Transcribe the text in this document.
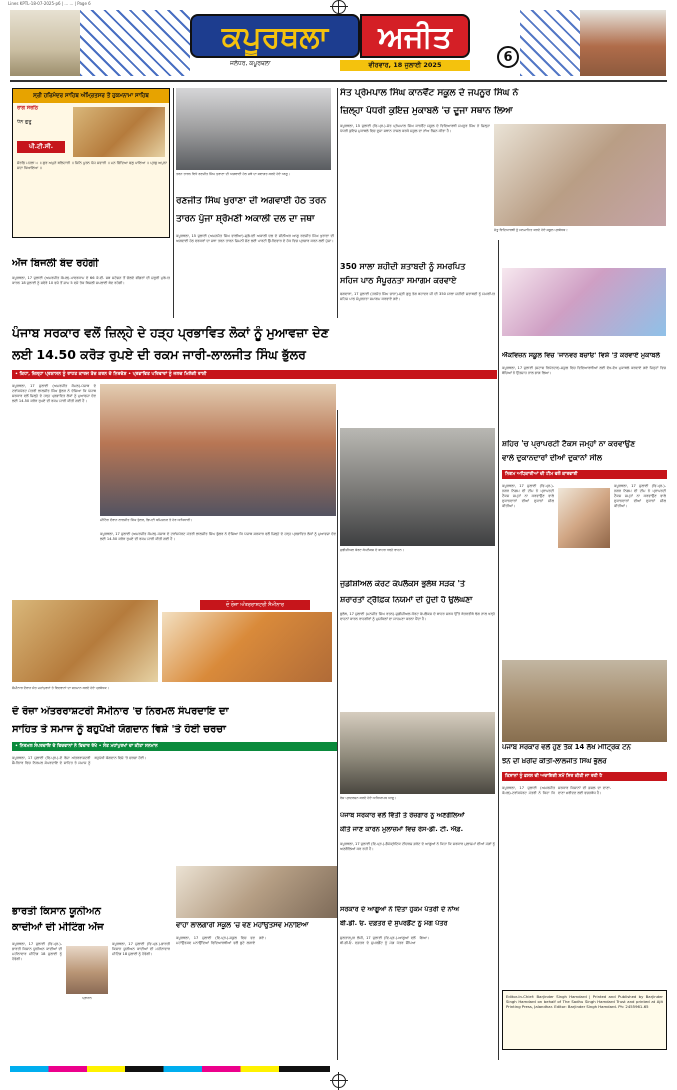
Lines KPTL-18-07-2025-p6 | ... ... | Page 6
ਕਪੂਰਥਲਾ	ਅਜੀਤ
ਜਲੰਧਰ, ਕਪੂਰਥਲਾ	ਵੀਰਵਾਰ, 18 ਜੁਲਾਈ 2025	6
ਸ੍ਰੀ ਹਰਿਮੰਦਰ ਸਾਹਿਬ ਅੰਮ੍ਰਿਤਸਰ ਤੋਂ ਹੁਕਮਨਾਮਾ ਸਾਹਿਬ
ਰਾਗ ਸੋਰਠਿ
ਧੰਨ ਗੁਰੂ
ਪੀ.ਟੀ.ਸੀ.
ਸੋਰਠਿ ਮਹਲਾ ੫ ॥ ਗੁਰ ਅਪੁਨੇ ਬਲਿਹਾਰੀ ॥ ਜਿਨਿ ਪੂਰਨ ਪੈਜ ਸਵਾਰੀ ॥ ਮਨ ਚਿੰਦਿਆ ਫਲੁ ਪਾਇਆ ॥ ਪ੍ਰਭੁ ਅਪੁਨਾ ਸਦਾ ਧਿਆਇਆ ॥
ਅੱਜ ਬਿਜਲੀ ਬੰਦ ਰਹੇਗੀ
ਕਪੂਰਥਲਾ, 17 ਜੁਲਾਈ (ਅਮਰਜੀਤ ਕੋਮਲ)-ਪਾਵਰਕਾਮ ਦੇ 66 ਕੇ.ਵੀ. ਸਬ ਸਟੇਸ਼ਨ ਤੋਂ ਚੱਲਦੇ ਫੀਡਰਾਂ ਦੀ ਜ਼ਰੂਰੀ ਮੁਰੰਮਤ ਕਾਰਨ 18 ਜੁਲਾਈ ਨੂੰ ਸਵੇਰੇ 10 ਵਜੇ ਤੋਂ ਸ਼ਾਮ 5 ਵਜੇ ਤੱਕ ਬਿਜਲੀ ਸਪਲਾਈ ਬੰਦ ਰਹੇਗੀ।
ਤਰਨ ਤਾਰਨ ਵਿਖੇ ਰਣਜੀਤ ਸਿੰਘ ਖੁਰਾਣਾ ਦੀ ਅਗਵਾਈ ਹੇਠ ਜਥੇ ਦਾ ਸਵਾਗਤ ਕਰਦੇ ਹੋਏ ਆਗੂ।
ਰਣਜੀਤ ਸਿੰਘ ਖੁਰਾਣਾ ਦੀ ਅਗਵਾਈ ਹੇਠ ਤਰਨ
ਤਾਰਨ ਪੁੱਜਾ ਸ਼੍ਰੋਮਣੀ ਅਕਾਲੀ ਦਲ ਦਾ ਜਥਾ
ਕਪੂਰਥਲਾ, 15 ਜੁਲਾਈ (ਅਮਨਜੋਤ ਸਿੰਘ ਵਾਲੀਆ)-ਸ਼੍ਰੋਮਣੀ ਅਕਾਲੀ ਦਲ ਦੇ ਸੀਨੀਅਰ ਆਗੂ ਰਣਜੀਤ ਸਿੰਘ ਖੁਰਾਣਾ ਦੀ ਅਗਵਾਈ ਹੇਠ ਵਰਕਰਾਂ ਦਾ ਜਥਾ ਤਰਨ ਤਾਰਨ ਜ਼ਿਮਨੀ ਚੋਣ ਲਈ ਪਾਰਟੀ ਉਮੀਦਵਾਰ ਦੇ ਹੱਕ ਵਿਚ ਪ੍ਰਚਾਰ ਕਰਨ ਲਈ ਪੁੱਜਾ।
ਸੰਤ ਪ੍ਰੇਮਪਾਲ ਸਿੰਘ ਕਾਨਵੈਂਟ ਸਕੂਲ ਦੇ ਜਪਨੂਰ ਸਿੰਘ ਨੇ
ਜ਼ਿਲ੍ਹਾ ਪੱਧਰੀ ਕੁਇਜ਼ ਮੁਕਾਬਲੇ 'ਚ ਦੂਜਾ ਸਥਾਨ ਲਿਆ
ਕਪੂਰਥਲਾ, 15 ਜੁਲਾਈ (ਵਿ.ਪ੍ਰ.)-ਸੰਤ ਪ੍ਰੇਮਪਾਲ ਸਿੰਘ ਕਾਨਵੈਂਟ ਸਕੂਲ ਦੇ ਵਿਦਿਆਰਥੀ ਜਪਨੂਰ ਸਿੰਘ ਨੇ ਜ਼ਿਲ੍ਹਾ ਪੱਧਰੀ ਕੁਇਜ਼ ਮੁਕਾਬਲੇ ਵਿਚ ਦੂਜਾ ਸਥਾਨ ਹਾਸਲ ਕਰਕੇ ਸਕੂਲ ਦਾ ਨਾਂਅ ਰੌਸ਼ਨ ਕੀਤਾ ਹੈ।
ਜੇਤੂ ਵਿਦਿਆਰਥੀ ਨੂੰ ਸਨਮਾਨਿਤ ਕਰਦੇ ਹੋਏ ਸਕੂਲ ਪ੍ਰਬੰਧਕ।
350 ਸਾਲਾ ਸ਼ਹੀਦੀ ਸ਼ਤਾਬਦੀ ਨੂੰ ਸਮਰਪਿਤ
ਸਹਿਜ ਪਾਠ ਸੰਪੂਰਨਤਾ ਸਮਾਗਮ ਕਰਵਾਏ
ਫਗਵਾੜਾ, 17 ਜੁਲਾਈ (ਹਰਜੋਤ ਸਿੰਘ ਚਾਨਾ)-ਸ੍ਰੀ ਗੁਰੂ ਤੇਗ ਬਹਾਦਰ ਜੀ ਦੀ 350 ਸਾਲਾ ਸ਼ਹੀਦੀ ਸ਼ਤਾਬਦੀ ਨੂੰ ਸਮਰਪਿਤ ਸਹਿਜ ਪਾਠ ਸੰਪੂਰਨਤਾ ਸਮਾਗਮ ਕਰਵਾਏ ਗਏ।
ਐੱਕਵਿਜ਼ਨ ਸਕੂਲ ਵਿਚ 'ਜਾਨਵਰ ਬਚਾਓ' ਵਿਸ਼ੇ 'ਤੇ ਕਰਵਾਏ ਮੁਕਾਬਲੇ
ਕਪੂਰਥਲਾ, 17 ਜੁਲਾਈ (ਸਟਾਫ ਰਿਪੋਰਟਰ)-ਸਕੂਲ ਵਿਚ ਵਿਦਿਆਰਥੀਆਂ ਲਈ ਵੱਖ-ਵੱਖ ਮੁਕਾਬਲੇ ਕਰਵਾਏ ਗਏ ਜਿਨ੍ਹਾਂ ਵਿਚ ਬੱਚਿਆਂ ਨੇ ਉਤਸ਼ਾਹ ਨਾਲ ਭਾਗ ਲਿਆ।
ਪੰਜਾਬ ਸਰਕਾਰ ਵਲੋਂ ਜ਼ਿਲ੍ਹੇ ਦੇ ਹੜ੍ਹ ਪ੍ਰਭਾਵਿਤ ਲੋਕਾਂ ਨੂੰ ਮੁਆਵਜ਼ਾ ਦੇਣ
ਲਈ 14.50 ਕਰੋੜ ਰੁਪਏ ਦੀ ਰਕਮ ਜਾਰੀ-ਲਾਲਜੀਤ ਸਿੰਘ ਭੁੱਲਰ
• ਕਿਹਾ, ਜ਼ਿਲ੍ਹਾ ਪ੍ਰਸ਼ਾਸਨ ਨੂੰ ਰਾਹਤ ਕਾਰਜ ਤੇਜ਼ ਕਰਨ ਦੇ ਨਿਰਦੇਸ਼ • ਪ੍ਰਭਾਵਿਤ ਪਰਿਵਾਰਾਂ ਨੂੰ ਜਲਦ ਮਿਲੇਗੀ ਰਾਸ਼ੀ
ਕਪੂਰਥਲਾ, 17 ਜੁਲਾਈ (ਅਮਰਜੀਤ ਕੋਮਲ)-ਪੰਜਾਬ ਦੇ ਟਰਾਂਸਪੋਰਟ ਮੰਤਰੀ ਲਾਲਜੀਤ ਸਿੰਘ ਭੁੱਲਰ ਨੇ ਦੱਸਿਆ ਕਿ ਪੰਜਾਬ ਸਰਕਾਰ ਵਲੋਂ ਜ਼ਿਲ੍ਹੇ ਦੇ ਹੜ੍ਹ ਪ੍ਰਭਾਵਿਤ ਲੋਕਾਂ ਨੂੰ ਮੁਆਵਜ਼ਾ ਦੇਣ ਲਈ 14.50 ਕਰੋੜ ਰੁਪਏ ਦੀ ਰਕਮ ਜਾਰੀ ਕੀਤੀ ਗਈ ਹੈ।
ਮੀਟਿੰਗ ਦੌਰਾਨ ਲਾਲਜੀਤ ਸਿੰਘ ਭੁੱਲਰ, ਡਿਪਟੀ ਕਮਿਸ਼ਨਰ ਤੇ ਹੋਰ ਅਧਿਕਾਰੀ।
ਕਪੂਰਥਲਾ, 17 ਜੁਲਾਈ (ਅਮਰਜੀਤ ਕੋਮਲ)-ਪੰਜਾਬ ਦੇ ਟਰਾਂਸਪੋਰਟ ਮੰਤਰੀ ਲਾਲਜੀਤ ਸਿੰਘ ਭੁੱਲਰ ਨੇ ਦੱਸਿਆ ਕਿ ਪੰਜਾਬ ਸਰਕਾਰ ਵਲੋਂ ਜ਼ਿਲ੍ਹੇ ਦੇ ਹੜ੍ਹ ਪ੍ਰਭਾਵਿਤ ਲੋਕਾਂ ਨੂੰ ਮੁਆਵਜ਼ਾ ਦੇਣ ਲਈ 14.50 ਕਰੋੜ ਰੁਪਏ ਦੀ ਰਕਮ ਜਾਰੀ ਕੀਤੀ ਗਈ ਹੈ।
ਸ਼ਹਿਰ 'ਚ ਪ੍ਰਾਪਰਟੀ ਟੈਕਸ ਜਮ੍ਹਾਂ ਨਾ ਕਰਵਾਉਣ
ਵਾਲੇ ਦੁਕਾਨਦਾਰਾਂ ਦੀਆਂ ਦੁਕਾਨਾਂ ਸੀਲ
ਨਿਗਮ ਅਧਿਕਾਰੀਆਂ ਦੀ ਟੀਮ ਵਲੋਂ ਕਾਰਵਾਈ
ਕਪੂਰਥਲਾ, 17 ਜੁਲਾਈ (ਵਿ.ਪ੍ਰ.)-ਨਗਰ ਨਿਗਮ ਦੀ ਟੀਮ ਨੇ ਪ੍ਰਾਪਰਟੀ ਟੈਕਸ ਜਮ੍ਹਾਂ ਨਾ ਕਰਵਾਉਣ ਵਾਲੇ ਦੁਕਾਨਦਾਰਾਂ ਦੀਆਂ ਦੁਕਾਨਾਂ ਸੀਲ ਕੀਤੀਆਂ।
ਕਪੂਰਥਲਾ, 17 ਜੁਲਾਈ (ਵਿ.ਪ੍ਰ.)-ਨਗਰ ਨਿਗਮ ਦੀ ਟੀਮ ਨੇ ਪ੍ਰਾਪਰਟੀ ਟੈਕਸ ਜਮ੍ਹਾਂ ਨਾ ਕਰਵਾਉਣ ਵਾਲੇ ਦੁਕਾਨਦਾਰਾਂ ਦੀਆਂ ਦੁਕਾਨਾਂ ਸੀਲ ਕੀਤੀਆਂ।
ਜੁਡੀਸ਼ੀਅਲ ਕੋਰਟ ਕੰਪਲੈਕਸ ਦੇ ਬਾਹਰ ਖੜ੍ਹੇ ਵਾਹਨ।
ਜੁਡੀਸ਼ੀਅਲ ਕੋਰਟ ਕੰਪਲੈਕਸ ਭੁਲੱਥ ਸੜਕ 'ਤੇ
ਸ਼ਰਾਰਤਾਂ ਟ੍ਰੈਫ਼ਿਕ ਨਿਯਮਾਂ ਦੀ ਹੁੰਦੀ ਹੈ ਉਲੰਘਣਾ
ਭੁਲੱਥ, 17 ਜੁਲਾਈ (ਮਨਜੀਤ ਸਿੰਘ ਰਤਨ)-ਜੁਡੀਸ਼ੀਅਲ ਕੋਰਟ ਕੰਪਲੈਕਸ ਦੇ ਬਾਹਰ ਸੜਕ ਉੱਤੇ ਬੇਤਰਤੀਬੇ ਢੰਗ ਨਾਲ ਖੜ੍ਹੇ ਵਾਹਨਾਂ ਕਾਰਨ ਰਾਹਗੀਰਾਂ ਨੂੰ ਮੁਸ਼ਕਿਲਾਂ ਦਾ ਸਾਹਮਣਾ ਕਰਨਾ ਪੈਂਦਾ ਹੈ।
ਦੋ ਰੋਜ਼ਾ ਅੰਤਰਰਾਸ਼ਟਰੀ ਸੈਮੀਨਾਰ
ਸੈਮੀਨਾਰ ਦੌਰਾਨ ਸੰਤ ਮਹਾਂਪੁਰਖਾਂ ਤੇ ਵਿਦਵਾਨਾਂ ਦਾ ਸਨਮਾਨ ਕਰਦੇ ਹੋਏ ਪ੍ਰਬੰਧਕ।
ਦੋ ਰੋਜ਼ਾ ਅੰਤਰਰਾਸ਼ਟਰੀ ਸੈਮੀਨਾਰ 'ਚ ਨਿਰਮਲ ਸੰਪਰਦਾਇ ਦਾ
ਸਾਹਿਤ ਤੇ ਸਮਾਜ ਨੂੰ ਬਹੁਪੱਖੀ ਯੋਗਦਾਨ ਵਿਸ਼ੇ 'ਤੇ ਹੋਈ ਚਰਚਾ
• ਨਿਰਮਲ ਸੰਪਰਦਾਇ ਦੇ ਵਿਦਵਾਨਾਂ ਨੇ ਵਿਚਾਰ ਰੱਖੇ • ਸੰਤ ਮਹਾਂਪੁਰਖਾਂ ਦਾ ਕੀਤਾ ਸਨਮਾਨ
ਕਪੂਰਥਲਾ, 17 ਜੁਲਾਈ (ਵਿ.ਪ੍ਰ.)-ਦੋ ਰੋਜ਼ਾ ਅੰਤਰਰਾਸ਼ਟਰੀ ਸੈਮੀਨਾਰ ਵਿਚ ਨਿਰਮਲ ਸੰਪਰਦਾਇ ਦੇ ਸਾਹਿਤ ਤੇ ਸਮਾਜ ਨੂੰ ਬਹੁਪੱਖੀ ਯੋਗਦਾਨ ਵਿਸ਼ੇ 'ਤੇ ਚਰਚਾ ਹੋਈ।
ਪੰਜਾਬ ਸਰਕਾਰ ਵਲੋਂ ਹੁਣ ਤੱਕ 14 ਲੱਖ ਮੀਟ੍ਰਿਕ ਟਨ
ਝੋਨੇ ਦੀ ਖ਼ਰੀਦ ਕੀਤੀ-ਲਾਲਜੀਤ ਸਿੰਘ ਭੁੱਲਰ
ਕਿਸਾਨਾਂ ਨੂੰ ਫ਼ਸਲ ਦੀ ਅਦਾਇਗੀ ਸਮੇਂ ਸਿਰ ਕੀਤੀ ਜਾ ਰਹੀ ਹੈ
ਕਪੂਰਥਲਾ, 17 ਜੁਲਾਈ (ਅਮਰਜੀਤ ਕੋਮਲ)-ਟਰਾਂਸਪੋਰਟ ਮੰਤਰੀ ਨੇ ਕਿਹਾ ਕਿ ਸਰਕਾਰ ਕਿਸਾਨਾਂ ਦੀ ਫ਼ਸਲ ਦਾ ਦਾਣਾ-ਦਾਣਾ ਖ਼ਰੀਦਣ ਲਈ ਵਚਨਬੱਧ ਹੈ।
ਰੋਸ ਪ੍ਰਦਰਸ਼ਨ ਕਰਦੇ ਹੋਏ ਅਧਿਆਪਕ ਆਗੂ।
ਪੰਜਾਬ ਸਰਕਾਰ ਵਲੋਂ ਵਿੱਤੀ ਤੇ ਰੋਜ਼ਗਾਰ ਨੂੰ ਅਣਗੌਲਿਆਂ
ਕੀਤੇ ਜਾਣ ਕਾਰਨ ਮੁਲਾਜ਼ਮਾਂ ਵਿਚ ਰੋਸ-ਡੀ. ਟੀ. ਐਫ਼.
ਕਪੂਰਥਲਾ, 17 ਜੁਲਾਈ (ਵਿ.ਪ੍ਰ.)-ਡੈਮੋਕ੍ਰੇਟਿਕ ਟੀਚਰਜ਼ ਫ਼ਰੰਟ ਦੇ ਆਗੂਆਂ ਨੇ ਕਿਹਾ ਕਿ ਸਰਕਾਰ ਮੁਲਾਜ਼ਮਾਂ ਦੀਆਂ ਮੰਗਾਂ ਨੂੰ ਅਣਗੌਲਿਆਂ ਕਰ ਰਹੀ ਹੈ।
ਸਰਕਾਰ ਦੇ ਆਗੂਆਂ ਨੇ ਦਿੱਤਾ ਹੁਕਮ ਪੱਤਰੀ ਦੇ ਨਾਂਅ
ਬੀ.ਡੀ. ਓ. ਦਫ਼ਤਰ ਦੇ ਸੁਪਰਡੈਂਟ ਨੂੰ ਮੰਗ ਪੱਤਰ
ਸੁਲਤਾਨਪੁਰ ਲੋਧੀ, 17 ਜੁਲਾਈ (ਵਿ.ਪ੍ਰ.)-ਆਗੂਆਂ ਵਲੋਂ ਬੀ.ਡੀ.ਓ. ਦਫ਼ਤਰ ਦੇ ਸੁਪਰਡੈਂਟ ਨੂੰ ਮੰਗ ਪੱਤਰ ਸੌਂਪਿਆ ਗਿਆ।
ਵਾਹਾ ਲਾਲਗਾਰੀ ਸਕੂਲ 'ਚ ਵਣ ਮਹਾਂਉਤਸਵ ਮਨਾਇਆ
ਕਪੂਰਥਲਾ, 17 ਜੁਲਾਈ (ਵਿ.ਪ੍ਰ.)-ਸਕੂਲ ਵਿਚ ਵਣ ਮਹਾਂਉਤਸਵ ਮਨਾਉਂਦਿਆਂ ਵਿਦਿਆਰਥੀਆਂ ਵਲੋਂ ਬੂਟੇ ਲਗਾਏ ਗਏ।
ਭਾਰਤੀ ਕਿਸਾਨ ਯੂਨੀਅਨ
ਕਾਦੀਆਂ ਦੀ ਮੀਟਿੰਗ ਅੱਜ
ਕਪੂਰਥਲਾ, 17 ਜੁਲਾਈ (ਵਿ.ਪ੍ਰ.)-ਭਾਰਤੀ ਕਿਸਾਨ ਯੂਨੀਅਨ ਕਾਦੀਆਂ ਦੀ ਮਹੀਨਾਵਾਰ ਮੀਟਿੰਗ 18 ਜੁਲਾਈ ਨੂੰ ਹੋਵੇਗੀ।
ਪ੍ਰਧਾਨ
ਕਪੂਰਥਲਾ, 17 ਜੁਲਾਈ (ਵਿ.ਪ੍ਰ.)-ਭਾਰਤੀ ਕਿਸਾਨ ਯੂਨੀਅਨ ਕਾਦੀਆਂ ਦੀ ਮਹੀਨਾਵਾਰ ਮੀਟਿੰਗ 18 ਜੁਲਾਈ ਨੂੰ ਹੋਵੇਗੀ।
Editor-In-Chief: Barjinder Singh Hamdard | Printed and Published by Barjinder Singh Hamdard on behalf of The Sadhu Singh Hamdard Trust and printed at Ajit Printing Press, Jalandhar. Editor: Barjinder Singh Hamdard. Ph: 2455961-65
